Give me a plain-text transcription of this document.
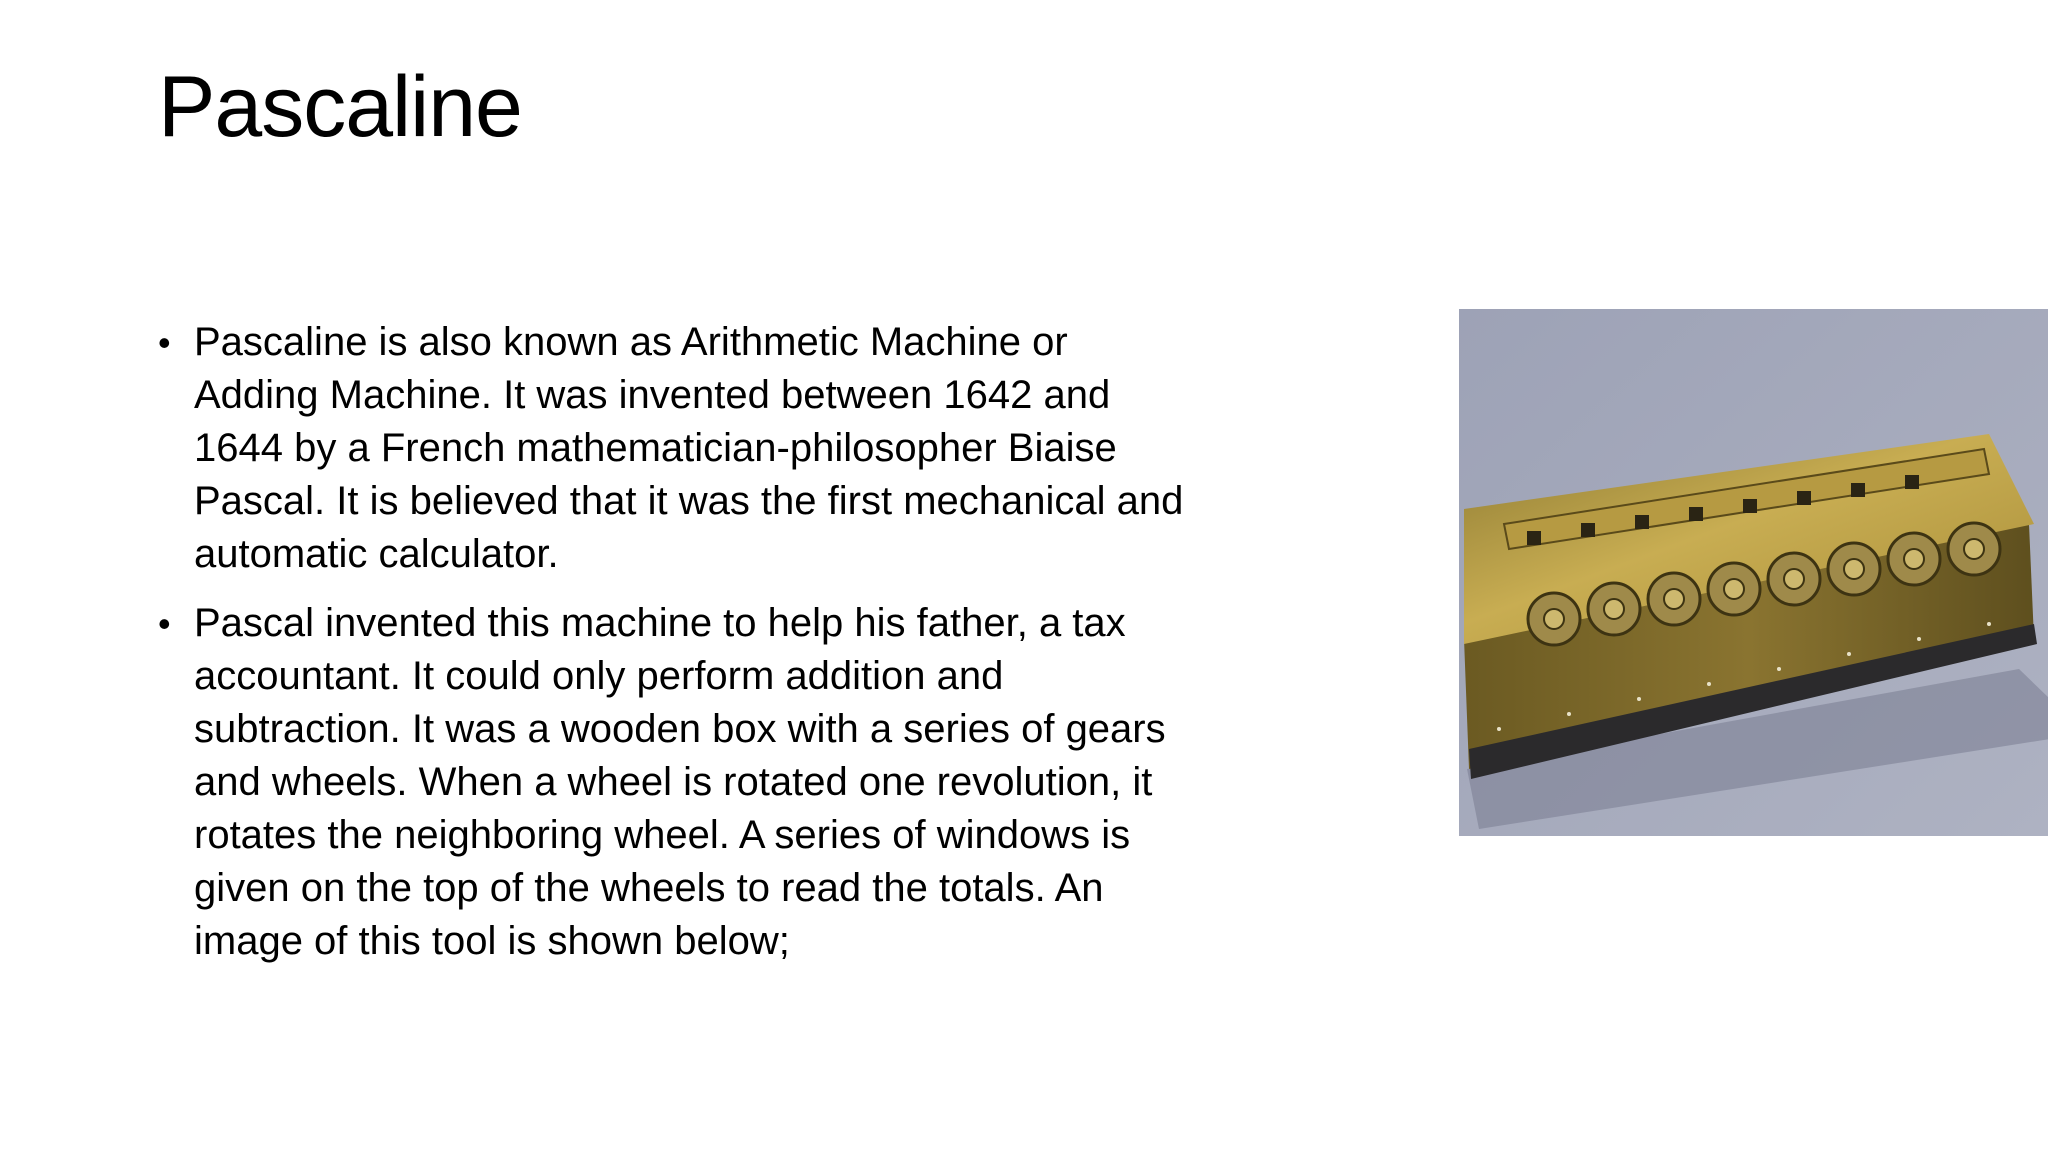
Pascaline
• Pascaline is also known as Arithmetic Machine or Adding Machine. It was invented between 1642 and 1644 by a French mathematician-philosopher Biaise Pascal. It is believed that it was the first mechanical and automatic calculator.
• Pascal invented this machine to help his father, a tax accountant. It could only perform addition and subtraction. It was a wooden box with a series of gears and wheels. When a wheel is rotated one revolution, it rotates the neighboring wheel. A series of windows is given on the top of the wheels to read the totals. An image of this tool is shown below;
